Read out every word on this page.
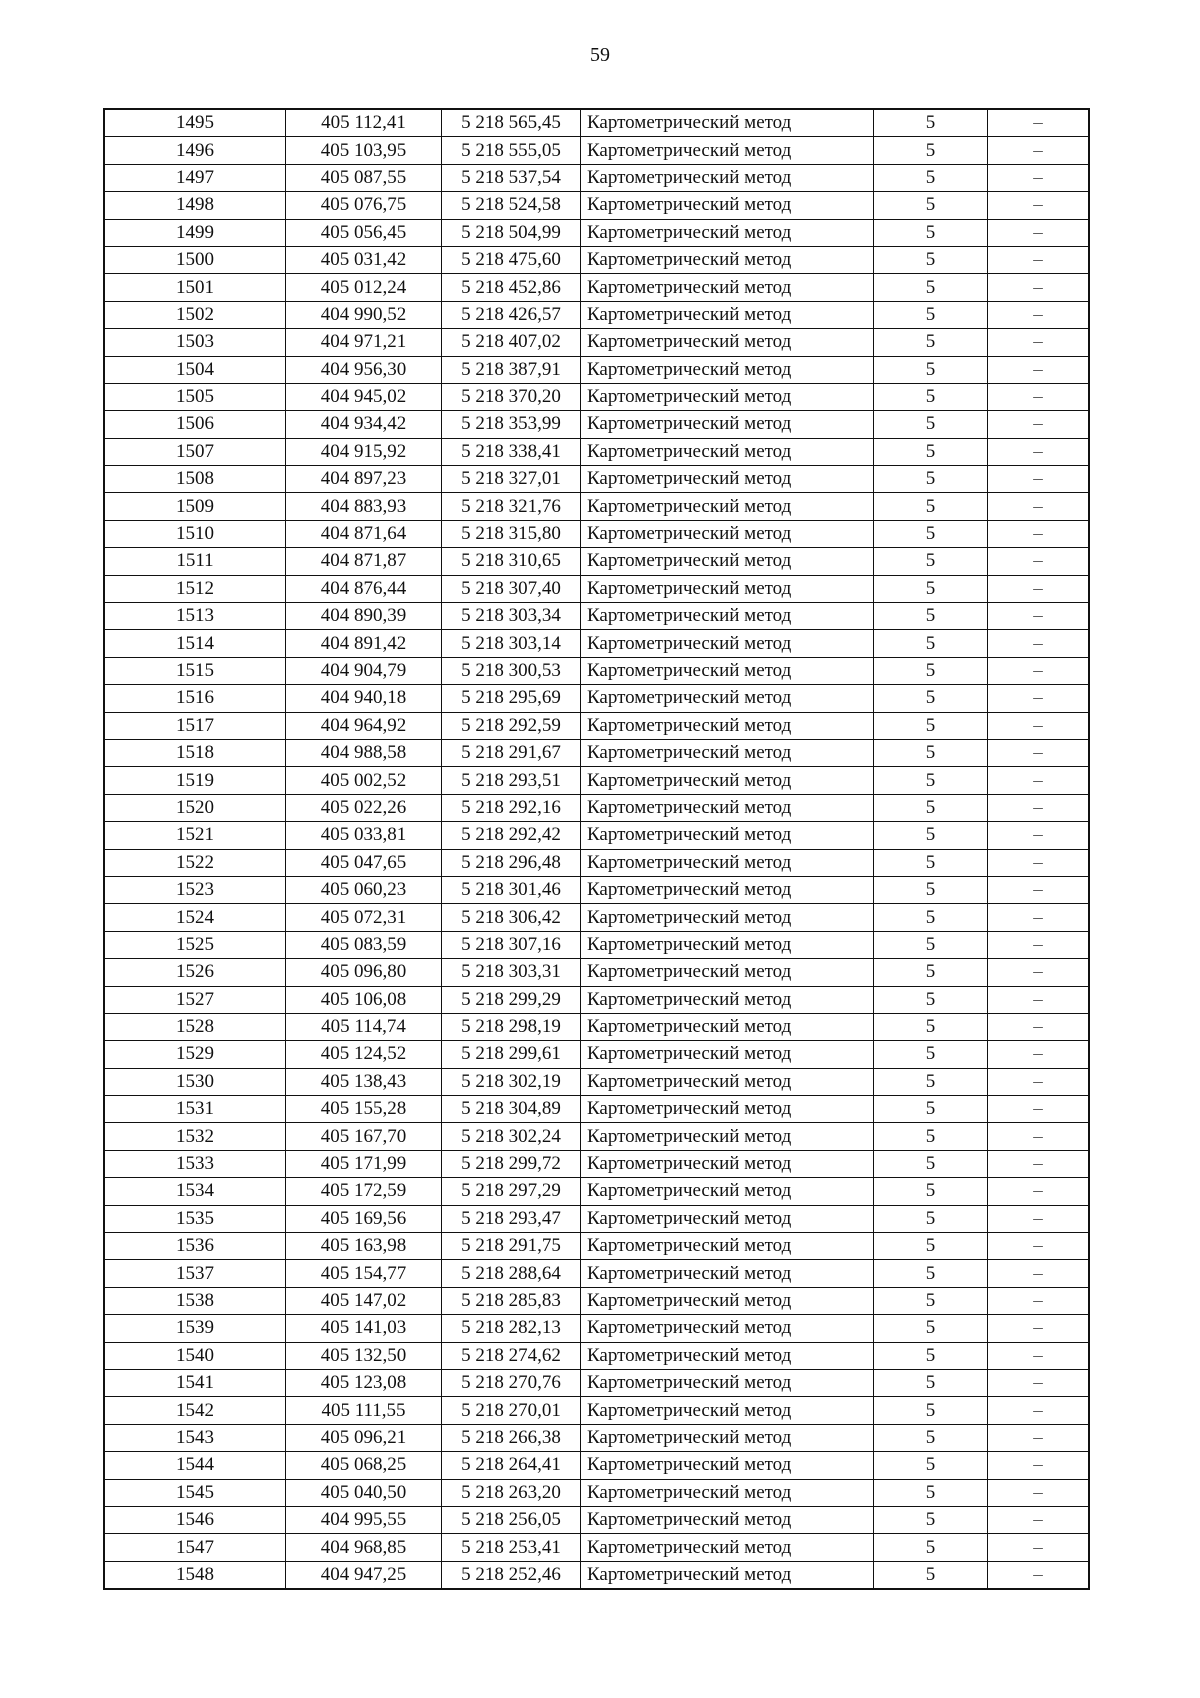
59
1495	405 112,41	5 218 565,45	Картометрический метод	5	–
1496	405 103,95	5 218 555,05	Картометрический метод	5	–
1497	405 087,55	5 218 537,54	Картометрический метод	5	–
1498	405 076,75	5 218 524,58	Картометрический метод	5	–
1499	405 056,45	5 218 504,99	Картометрический метод	5	–
1500	405 031,42	5 218 475,60	Картометрический метод	5	–
1501	405 012,24	5 218 452,86	Картометрический метод	5	–
1502	404 990,52	5 218 426,57	Картометрический метод	5	–
1503	404 971,21	5 218 407,02	Картометрический метод	5	–
1504	404 956,30	5 218 387,91	Картометрический метод	5	–
1505	404 945,02	5 218 370,20	Картометрический метод	5	–
1506	404 934,42	5 218 353,99	Картометрический метод	5	–
1507	404 915,92	5 218 338,41	Картометрический метод	5	–
1508	404 897,23	5 218 327,01	Картометрический метод	5	–
1509	404 883,93	5 218 321,76	Картометрический метод	5	–
1510	404 871,64	5 218 315,80	Картометрический метод	5	–
1511	404 871,87	5 218 310,65	Картометрический метод	5	–
1512	404 876,44	5 218 307,40	Картометрический метод	5	–
1513	404 890,39	5 218 303,34	Картометрический метод	5	–
1514	404 891,42	5 218 303,14	Картометрический метод	5	–
1515	404 904,79	5 218 300,53	Картометрический метод	5	–
1516	404 940,18	5 218 295,69	Картометрический метод	5	–
1517	404 964,92	5 218 292,59	Картометрический метод	5	–
1518	404 988,58	5 218 291,67	Картометрический метод	5	–
1519	405 002,52	5 218 293,51	Картометрический метод	5	–
1520	405 022,26	5 218 292,16	Картометрический метод	5	–
1521	405 033,81	5 218 292,42	Картометрический метод	5	–
1522	405 047,65	5 218 296,48	Картометрический метод	5	–
1523	405 060,23	5 218 301,46	Картометрический метод	5	–
1524	405 072,31	5 218 306,42	Картометрический метод	5	–
1525	405 083,59	5 218 307,16	Картометрический метод	5	–
1526	405 096,80	5 218 303,31	Картометрический метод	5	–
1527	405 106,08	5 218 299,29	Картометрический метод	5	–
1528	405 114,74	5 218 298,19	Картометрический метод	5	–
1529	405 124,52	5 218 299,61	Картометрический метод	5	–
1530	405 138,43	5 218 302,19	Картометрический метод	5	–
1531	405 155,28	5 218 304,89	Картометрический метод	5	–
1532	405 167,70	5 218 302,24	Картометрический метод	5	–
1533	405 171,99	5 218 299,72	Картометрический метод	5	–
1534	405 172,59	5 218 297,29	Картометрический метод	5	–
1535	405 169,56	5 218 293,47	Картометрический метод	5	–
1536	405 163,98	5 218 291,75	Картометрический метод	5	–
1537	405 154,77	5 218 288,64	Картометрический метод	5	–
1538	405 147,02	5 218 285,83	Картометрический метод	5	–
1539	405 141,03	5 218 282,13	Картометрический метод	5	–
1540	405 132,50	5 218 274,62	Картометрический метод	5	–
1541	405 123,08	5 218 270,76	Картометрический метод	5	–
1542	405 111,55	5 218 270,01	Картометрический метод	5	–
1543	405 096,21	5 218 266,38	Картометрический метод	5	–
1544	405 068,25	5 218 264,41	Картометрический метод	5	–
1545	405 040,50	5 218 263,20	Картометрический метод	5	–
1546	404 995,55	5 218 256,05	Картометрический метод	5	–
1547	404 968,85	5 218 253,41	Картометрический метод	5	–
1548	404 947,25	5 218 252,46	Картометрический метод	5	–
